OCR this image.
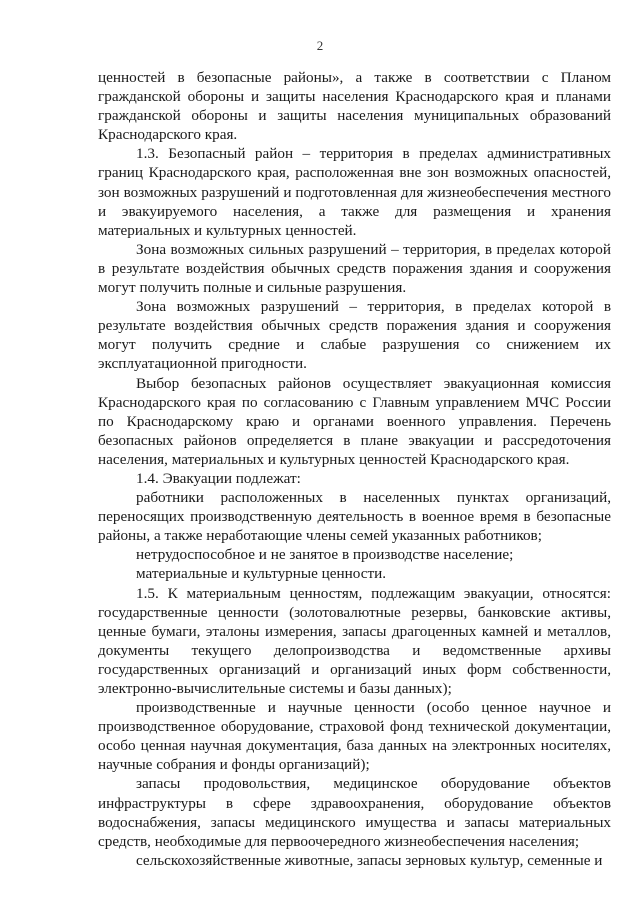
2

ценностей в безопасные районы», а также в соответствии с Планом гражданской обороны и защиты населения Краснодарского края и планами гражданской обороны и защиты населения муниципальных образований Краснодарского края.

1.3. Безопасный район – территория в пределах административных границ Краснодарского края, расположенная вне зон возможных опасностей, зон возможных разрушений и подготовленная для жизнеобеспечения местного и эвакуируемого населения, а также для размещения и хранения материальных и культурных ценностей.

Зона возможных сильных разрушений – территория, в пределах которой в результате воздействия обычных средств поражения здания и сооружения могут получить полные и сильные разрушения.

Зона возможных разрушений – территория, в пределах которой в результате воздействия обычных средств поражения здания и сооружения могут получить средние и слабые разрушения со снижением их эксплуатационной пригодности.

Выбор безопасных районов осуществляет эвакуационная комиссия Краснодарского края по согласованию с Главным управлением МЧС России по Краснодарскому краю и органами военного управления. Перечень безопасных районов определяется в плане эвакуации и рассредоточения населения, материальных и культурных ценностей Краснодарского края.

1.4. Эвакуации подлежат:

работники расположенных в населенных пунктах организаций, переносящих производственную деятельность в военное время в безопасные районы, а также неработающие члены семей указанных работников;

нетрудоспособное и не занятое в производстве население;

материальные и культурные ценности.

1.5. К материальным ценностям, подлежащим эвакуации, относятся: государственные ценности (золотовалютные резервы, банковские активы, ценные бумаги, эталоны измерения, запасы драгоценных камней и металлов, документы текущего делопроизводства и ведомственные архивы государственных организаций и организаций иных форм собственности, электронно-вычислительные системы и базы данных);

производственные и научные ценности (особо ценное научное и производственное оборудование, страховой фонд технической документации, особо ценная научная документация, база данных на электронных носителях, научные собрания и фонды организаций);

запасы продовольствия, медицинское оборудование объектов инфраструктуры в сфере здравоохранения, оборудование объектов водоснабжения, запасы медицинского имущества и запасы материальных средств, необходимые для первоочередного жизнеобеспечения населения;

сельскохозяйственные животные, запасы зерновых культур, семенные и
